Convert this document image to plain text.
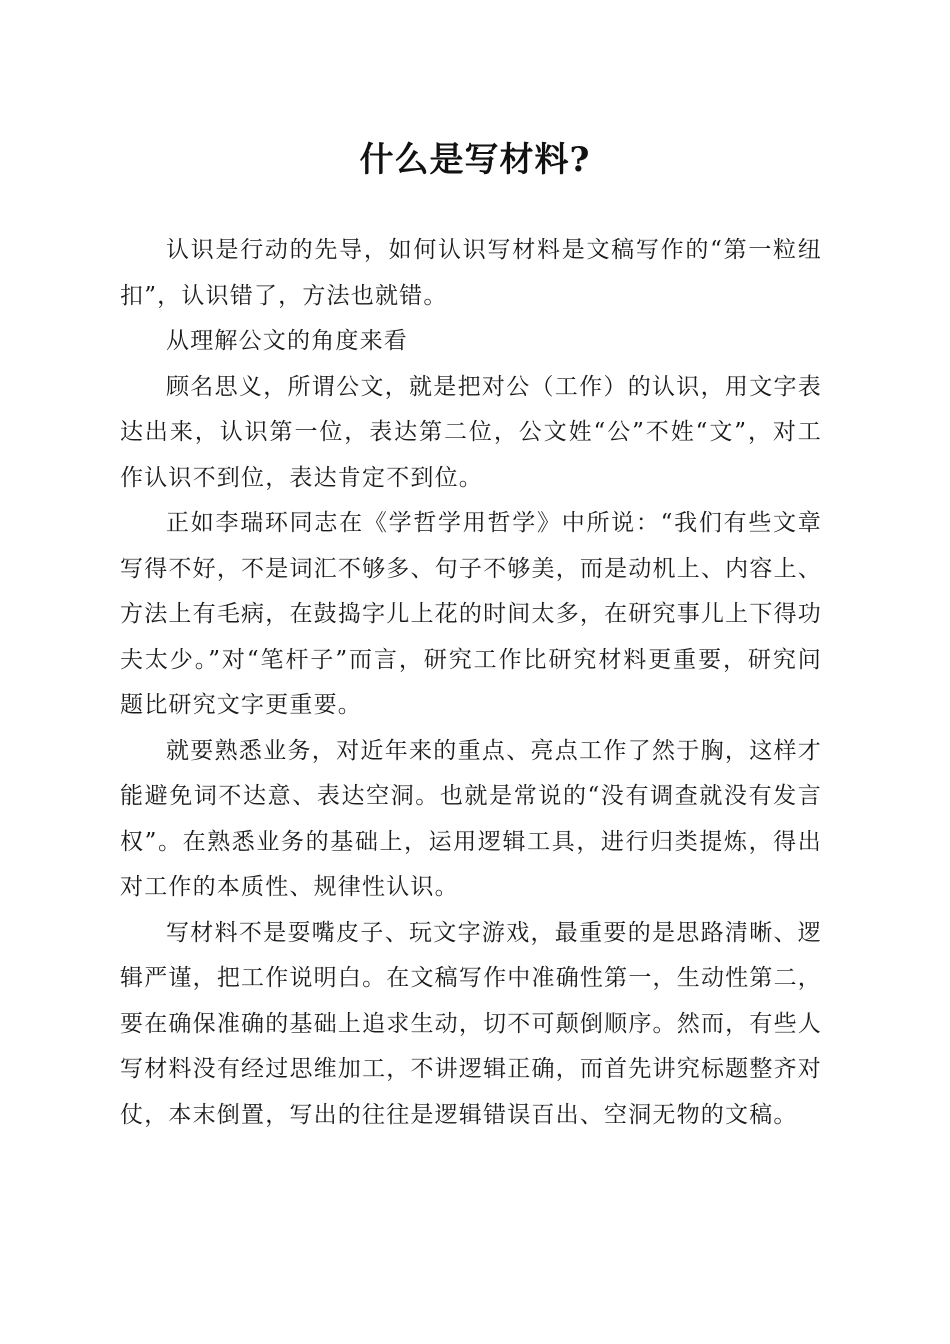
什么是写材料?

认识是行动的先导，如何认识写材料是文稿写作的“第一粒纽扣”，认识错了，方法也就错。

从理解公文的角度来看

顾名思义，所谓公文，就是把对公（工作）的认识，用文字表达出来，认识第一位，表达第二位，公文姓“公”不姓“文”，对工作认识不到位，表达肯定不到位。

正如李瑞环同志在《学哲学用哲学》中所说：“我们有些文章写得不好，不是词汇不够多、句子不够美，而是动机上、内容上、方法上有毛病，在鼓捣字儿上花的时间太多，在研究事儿上下得功夫太少。”对“笔杆子”而言，研究工作比研究材料更重要，研究问题比研究文字更重要。

就要熟悉业务，对近年来的重点、亮点工作了然于胸，这样才能避免词不达意、表达空洞。也就是常说的“没有调查就没有发言权”。在熟悉业务的基础上，运用逻辑工具，进行归类提炼，得出对工作的本质性、规律性认识。

写材料不是耍嘴皮子、玩文字游戏，最重要的是思路清晰、逻辑严谨，把工作说明白。在文稿写作中准确性第一，生动性第二，要在确保准确的基础上追求生动，切不可颠倒顺序。然而，有些人写材料没有经过思维加工，不讲逻辑正确，而首先讲究标题整齐对仗，本末倒置，写出的往往是逻辑错误百出、空洞无物的文稿。
